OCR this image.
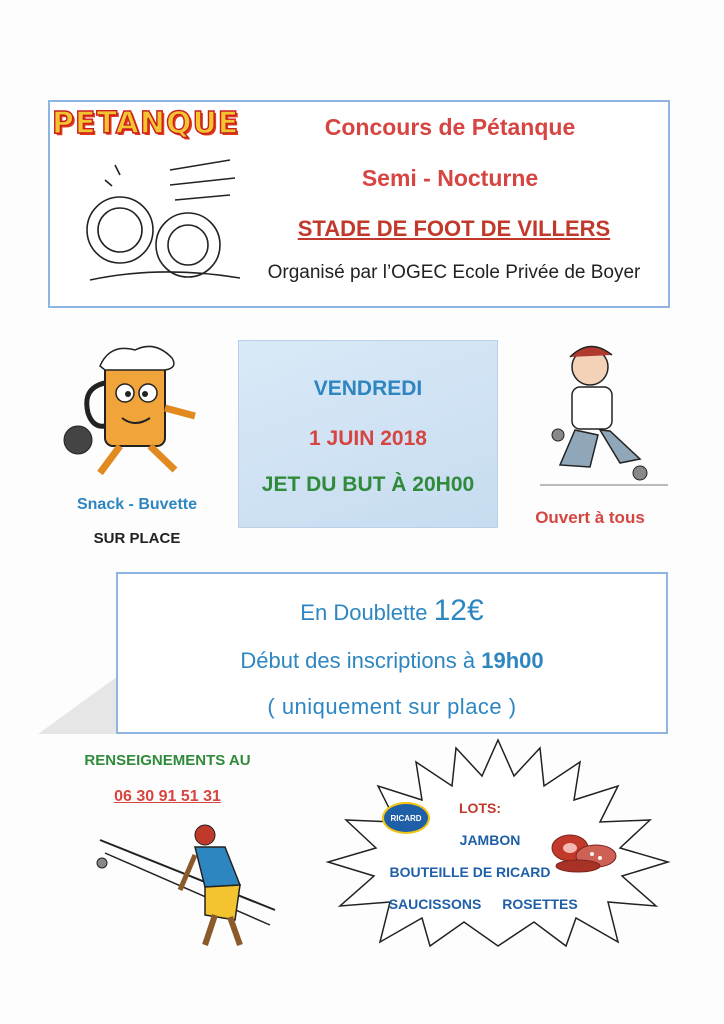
PETANQUE	Concours de Pétanque
Semi - Nocturne
STADE DE FOOT DE VILLERS
Organisé par l’OGEC Ecole Privée de Boyer
Snack - Buvette
SUR PLACE
VENDREDI
1 JUIN 2018
JET DU BUT À 20H00
Ouvert à tous
En Doublette 12€
Début des inscriptions à 19h00
( uniquement sur place )
RENSEIGNEMENTS AU
06 30 91 51 31
RICARD
LOTS:
JAMBON
BOUTEILLE DE RICARD
SAUCISSONS	ROSETTES
